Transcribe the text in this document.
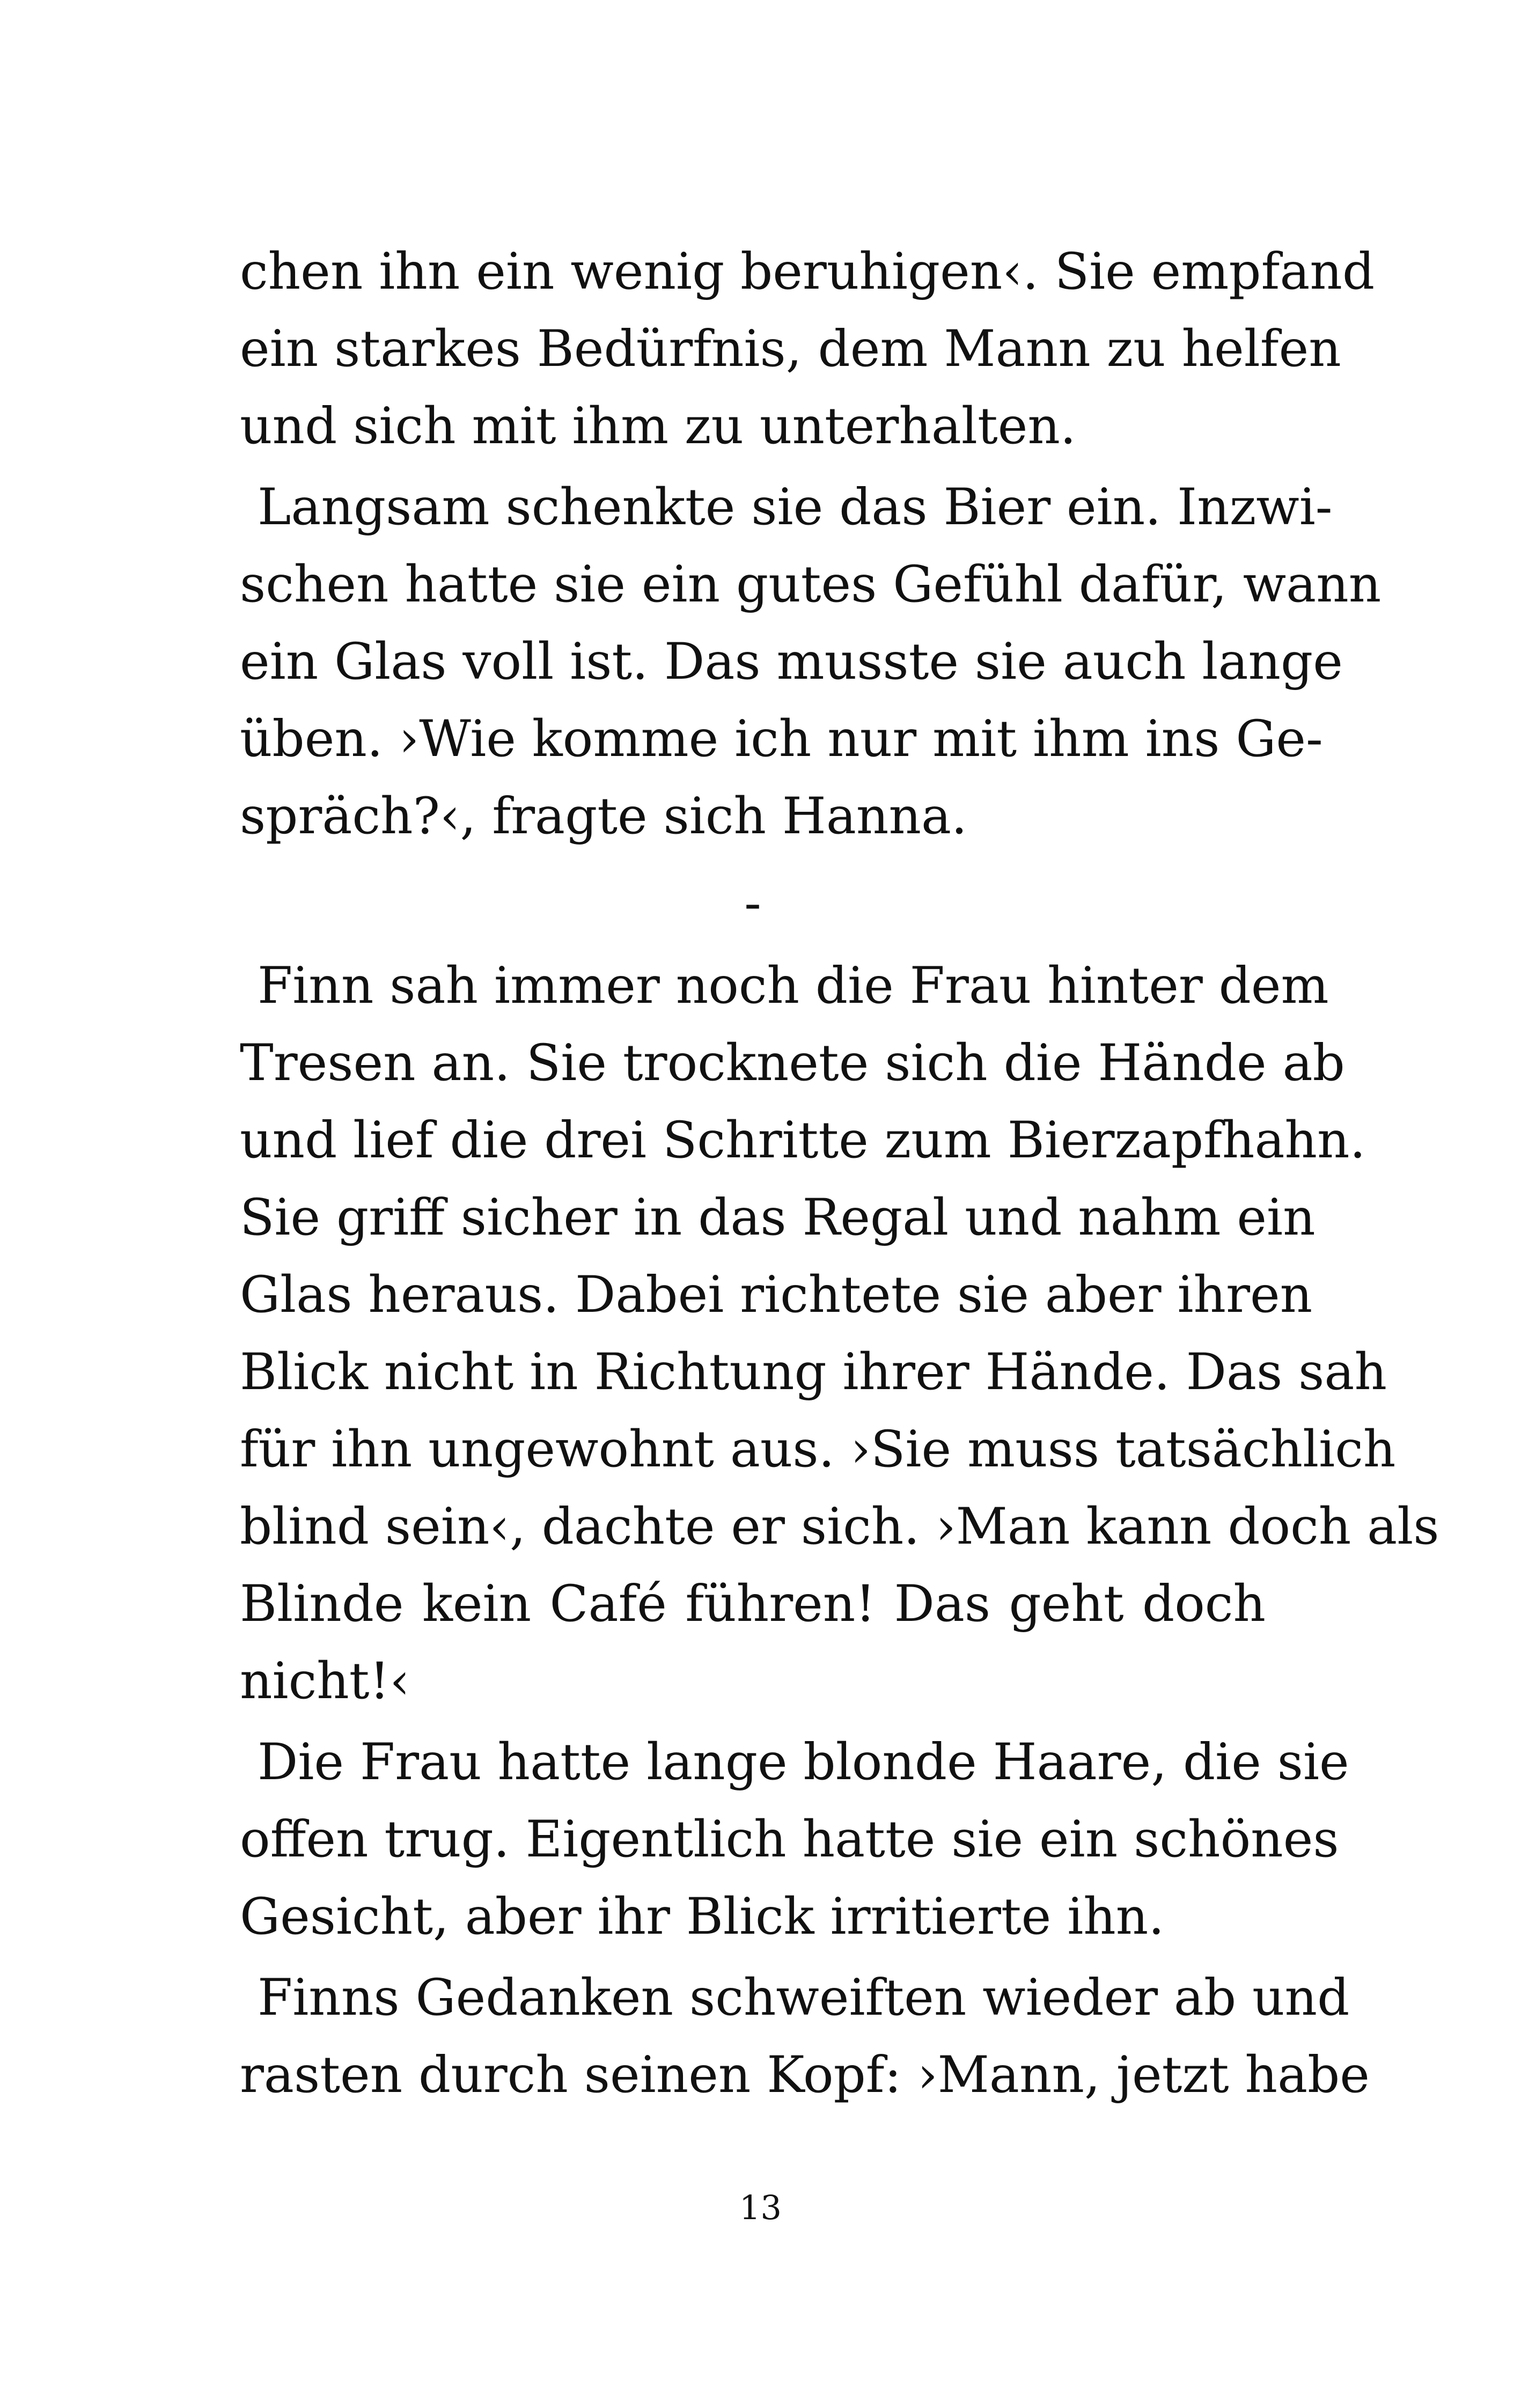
chen ihn ein wenig beruhigen‹. Sie empfand
ein starkes Bedürfnis, dem Mann zu helfen
und sich mit ihm zu unterhalten.
Langsam schenkte sie das Bier ein. Inzwi-
schen hatte sie ein gutes Gefühl dafür, wann
ein Glas voll ist. Das musste sie auch lange
üben. ›Wie komme ich nur mit ihm ins Ge-
spräch?‹, fragte sich Hanna.
-
Finn sah immer noch die Frau hinter dem
Tresen an. Sie trocknete sich die Hände ab
und lief die drei Schritte zum Bierzapfhahn.
Sie griff sicher in das Regal und nahm ein
Glas heraus. Dabei richtete sie aber ihren
Blick nicht in Richtung ihrer Hände. Das sah
für ihn ungewohnt aus. ›Sie muss tatsächlich
blind sein‹, dachte er sich. ›Man kann doch als
Blinde kein Café führen! Das geht doch
nicht!‹
Die Frau hatte lange blonde Haare, die sie
offen trug. Eigentlich hatte sie ein schönes
Gesicht, aber ihr Blick irritierte ihn.
Finns Gedanken schweiften wieder ab und
rasten durch seinen Kopf: ›Mann, jetzt habe
13
